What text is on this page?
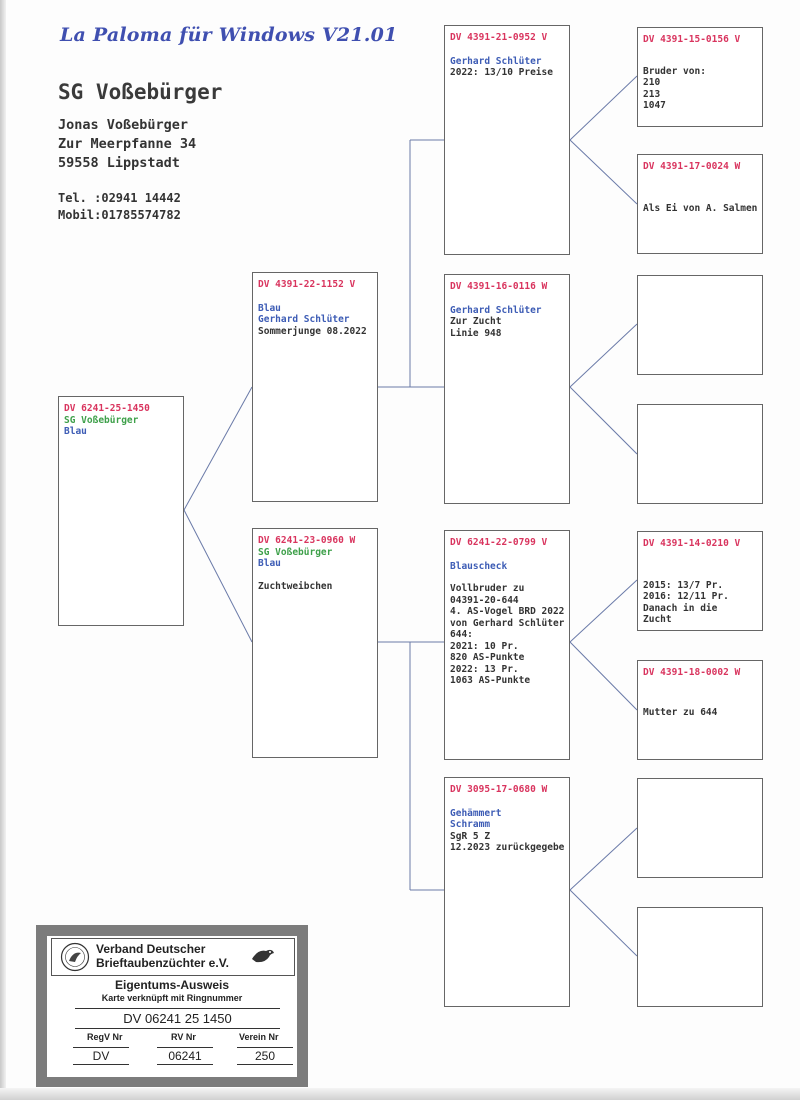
La Paloma für Windows V21.01
SG Voßebürger
Jonas Voßebürger
Zur Meerpfanne 34
59558 Lippstadt
Tel. :02941 14442
Mobil:01785574782
DV 6241-25-1450
SG Voßebürger
Blau
DV 4391-22-1152 V
Blau
Gerhard Schlüter
Sommerjunge 08.2022
DV 6241-23-0960 W
SG Voßebürger
Blau
Zuchtweibchen
DV 4391-21-0952 V
Gerhard Schlüter
2022: 13/10 Preise
DV 4391-16-0116 W
Gerhard Schlüter
Zur Zucht
Linie 948
DV 6241-22-0799 V
Blauscheck
Vollbruder zu
04391-20-644
4. AS-Vogel BRD 2022
von Gerhard Schlüter
644:
2021: 10 Pr.
820 AS-Punkte
2022: 13 Pr.
1063 AS-Punkte
DV 3095-17-0680 W
Gehämmert
Schramm
SgR 5 Z
12.2023 zurückgegebe
DV 4391-15-0156 V
Bruder von:
210
213
1047
DV 4391-17-0024 W
Als Ei von A. Salmen
DV 4391-14-0210 V
2015: 13/7 Pr.
2016: 12/11 Pr.
Danach in die
Zucht
DV 4391-18-0002 W
Mutter zu 644
Verband Deutscher
Brieftaubenzüchter e.V.
Eigentums-Ausweis
Karte verknüpft mit Ringnummer
DV 06241 25 1450
RegV Nr	RV Nr	Verein Nr
DV	06241	250
